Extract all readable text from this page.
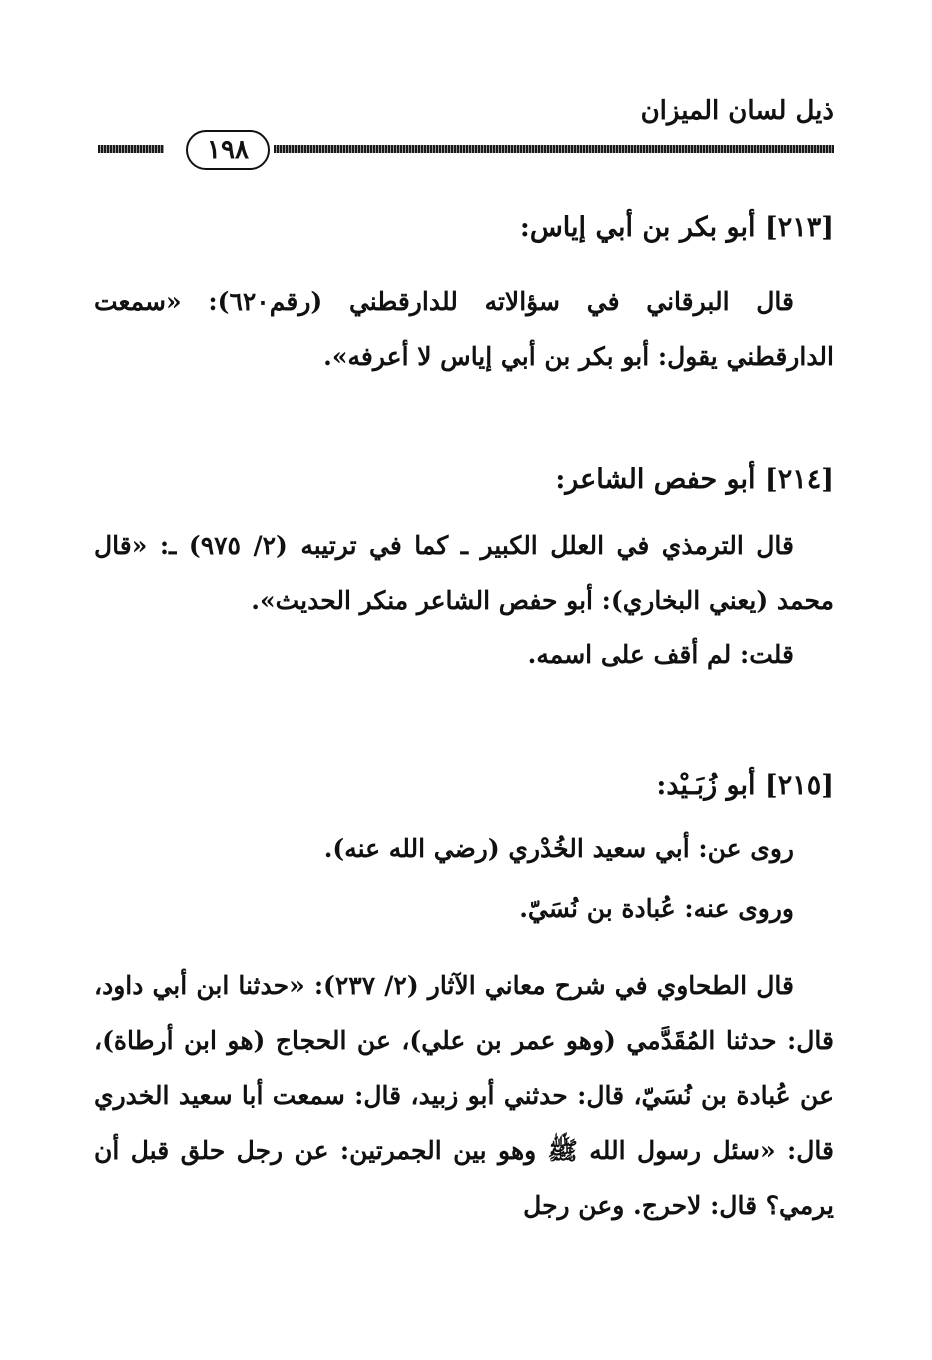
ذيل لسان الميزان
١٩٨
[٢١٣] أبو بكر بن أبي إياس:
قال البرقاني في سؤالاته للدارقطني (رقم٦٢٠): «سمعت الدارقطني يقول: أبو بكر بن أبي إياس لا أعرفه».
[٢١٤] أبو حفص الشاعر:
قال الترمذي في العلل الكبير ـ كما في ترتيبه (٢/ ٩٧٥) ـ: «قال محمد (يعني البخاري): أبو حفص الشاعر منكر الحديث».
قلت: لم أقف على اسمه.
[٢١٥] أبو زُبَـيْد:
روى عن: أبي سعيد الخُدْري (رضي الله عنه).
وروى عنه: عُبادة بن نُسَيّ.
قال الطحاوي في شرح معاني الآثار (٢/ ٢٣٧): «حدثنا ابن أبي داود، قال: حدثنا المُقَدَّمي (وهو عمر بن علي)، عن الحجاج (هو ابن أرطاة)، عن عُبادة بن نُسَيّ، قال: حدثني أبو زبيد، قال: سمعت أبا سعيد الخدري قال: «سئل رسول الله ﷺ وهو بين الجمرتين: عن رجل حلق قبل أن يرمي؟ قال: لاحرج. وعن رجل
